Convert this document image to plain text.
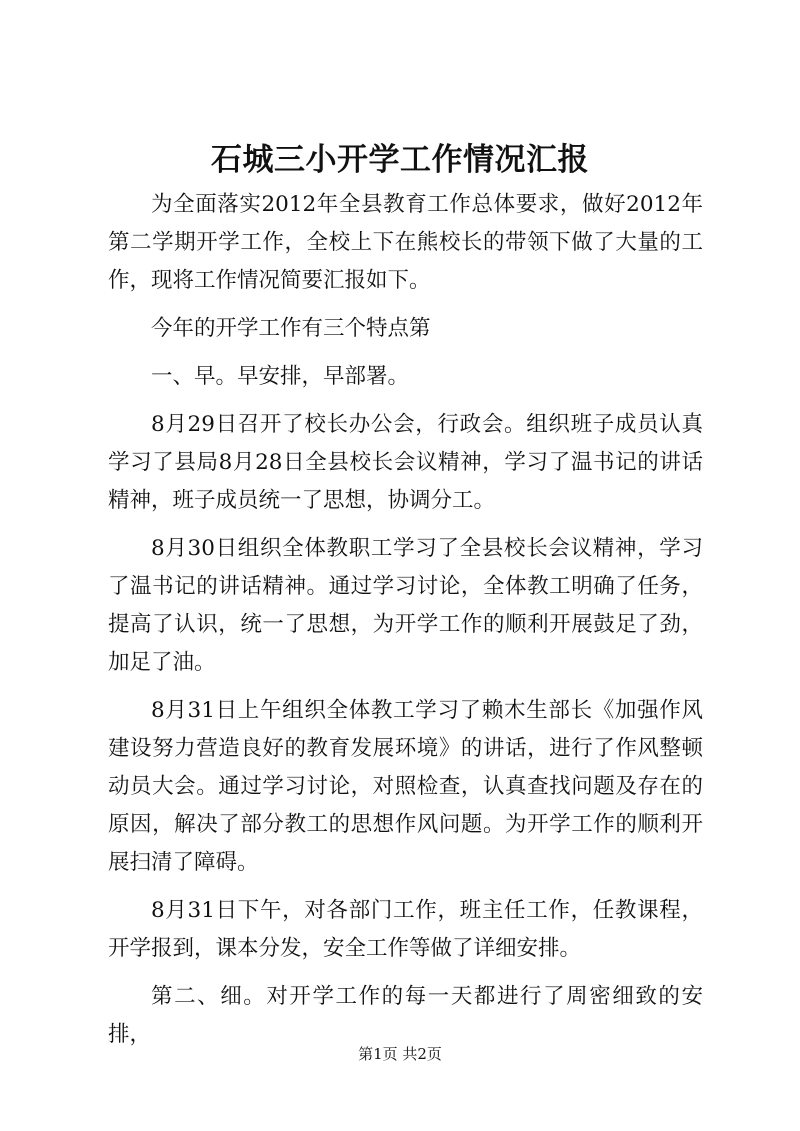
石城三小开学工作情况汇报

为全面落实2012年全县教育工作总体要求，做好2012年第二学期开学工作，全校上下在熊校长的带领下做了大量的工作，现将工作情况简要汇报如下。

今年的开学工作有三个特点第

一、早。早安排，早部署。

8月29日召开了校长办公会，行政会。组织班子成员认真学习了县局8月28日全县校长会议精神，学习了温书记的讲话精神，班子成员统一了思想，协调分工。

8月30日组织全体教职工学习了全县校长会议精神，学习了温书记的讲话精神。通过学习讨论，全体教工明确了任务，提高了认识，统一了思想，为开学工作的顺利开展鼓足了劲，加足了油。

8月31日上午组织全体教工学习了赖木生部长《加强作风建设努力营造良好的教育发展环境》的讲话，进行了作风整顿动员大会。通过学习讨论，对照检查，认真查找问题及存在的原因，解决了部分教工的思想作风问题。为开学工作的顺利开展扫清了障碍。

8月31日下午，对各部门工作，班主任工作，任教课程，开学报到，课本分发，安全工作等做了详细安排。

第二、细。对开学工作的每一天都进行了周密细致的安排，

第1页 共2页
